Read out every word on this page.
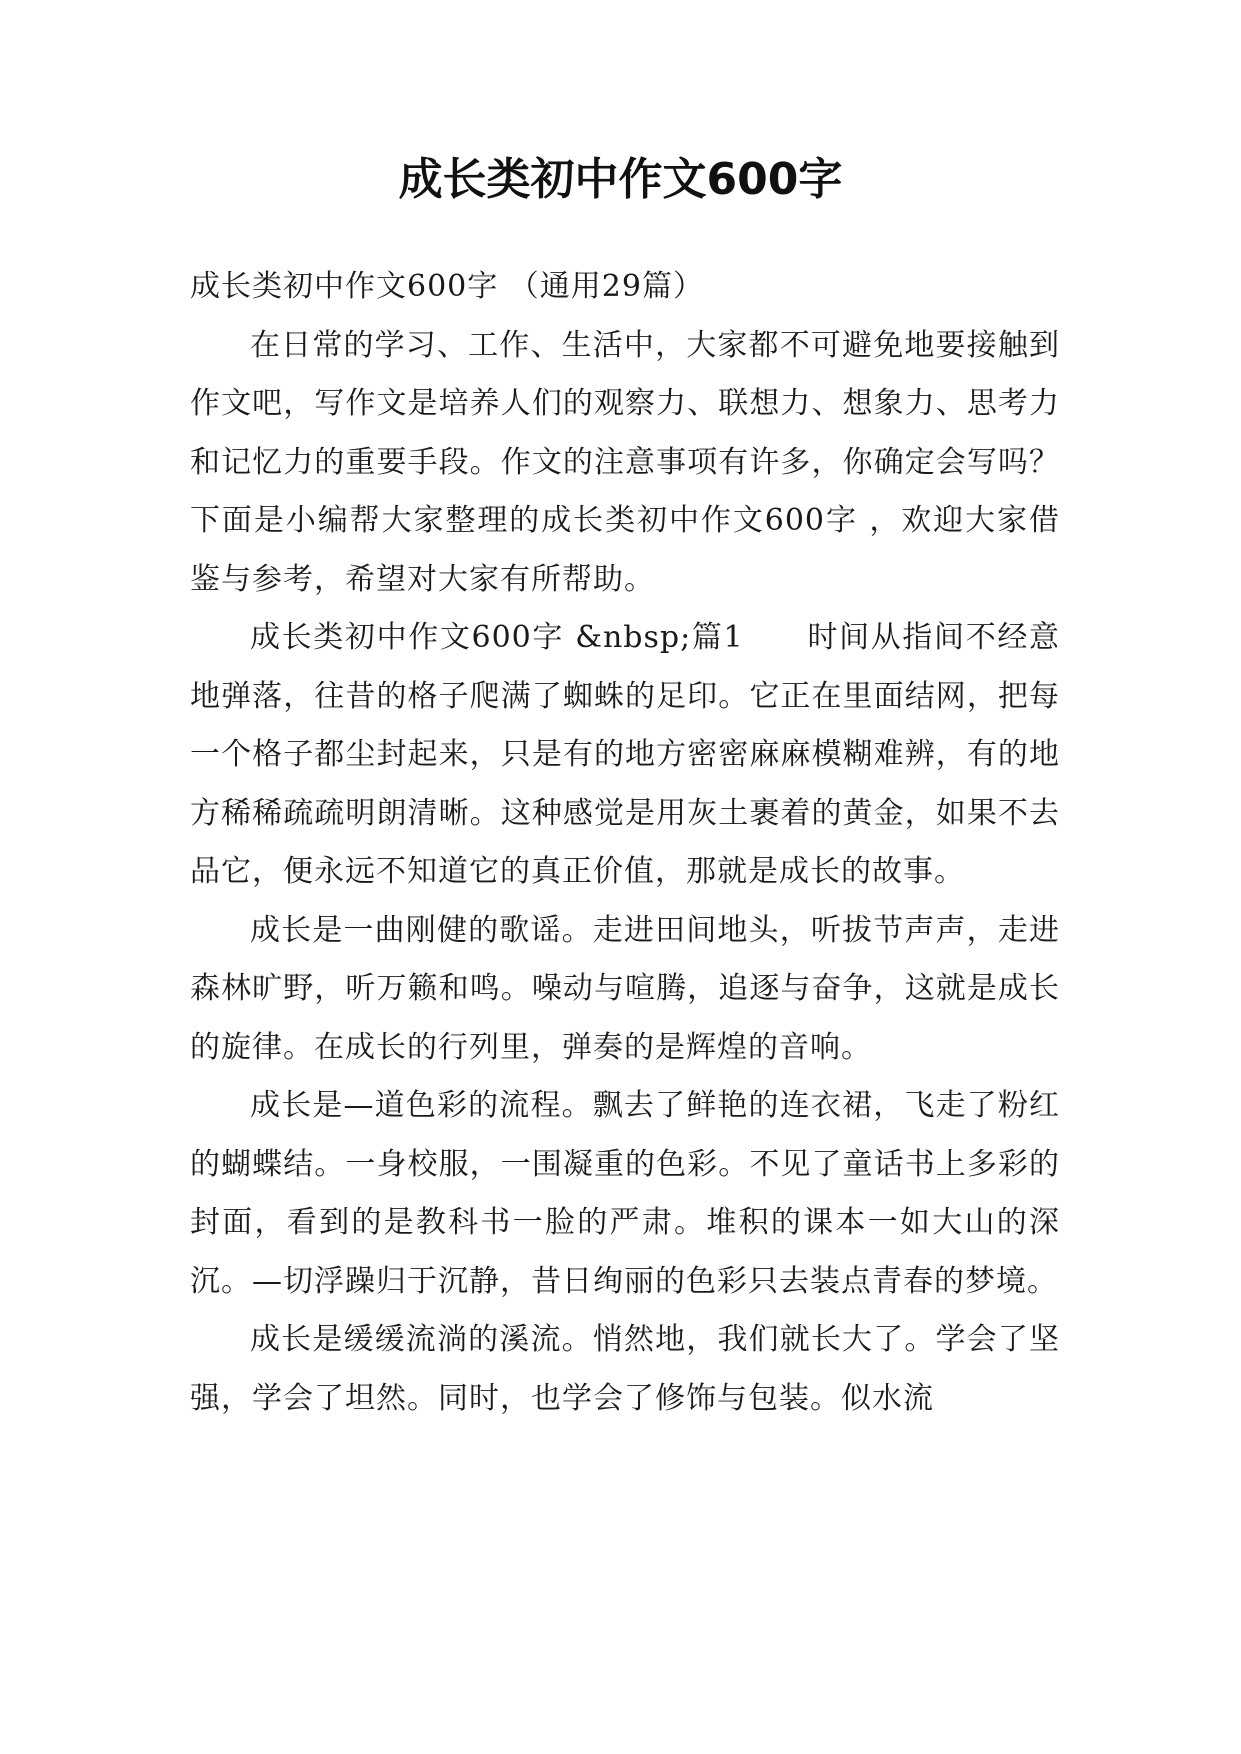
成长类初中作文600字

成长类初中作文600字 （通用29篇）

在日常的学习、工作、生活中，大家都不可避免地要接触到作文吧，写作文是培养人们的观察力、联想力、想象力、思考力和记忆力的重要手段。作文的注意事项有许多，你确定会写吗？下面是小编帮大家整理的成长类初中作文600字 ，欢迎大家借鉴与参考，希望对大家有所帮助。

成长类初中作文600字 &nbsp;篇1　　时间从指间不经意地弹落，往昔的格子爬满了蜘蛛的足印。它正在里面结网，把每一个格子都尘封起来，只是有的地方密密麻麻模糊难辨，有的地方稀稀疏疏明朗清晰。这种感觉是用灰土裹着的黄金，如果不去品它，便永远不知道它的真正价值，那就是成长的故事。

成长是一曲刚健的歌谣。走进田间地头，听拔节声声，走进森林旷野，听万籁和鸣。噪动与喧腾，追逐与奋争，这就是成长的旋律。在成长的行列里，弹奏的是辉煌的音响。

成长是—道色彩的流程。飘去了鲜艳的连衣裙，飞走了粉红的蝴蝶结。一身校服，一围凝重的色彩。不见了童话书上多彩的封面，看到的是教科书一脸的严肃。堆积的课本一如大山的深沉。—切浮躁归于沉静，昔日绚丽的色彩只去装点青春的梦境。

成长是缓缓流淌的溪流。悄然地，我们就长大了。学会了坚强，学会了坦然。同时，也学会了修饰与包装。似水流
